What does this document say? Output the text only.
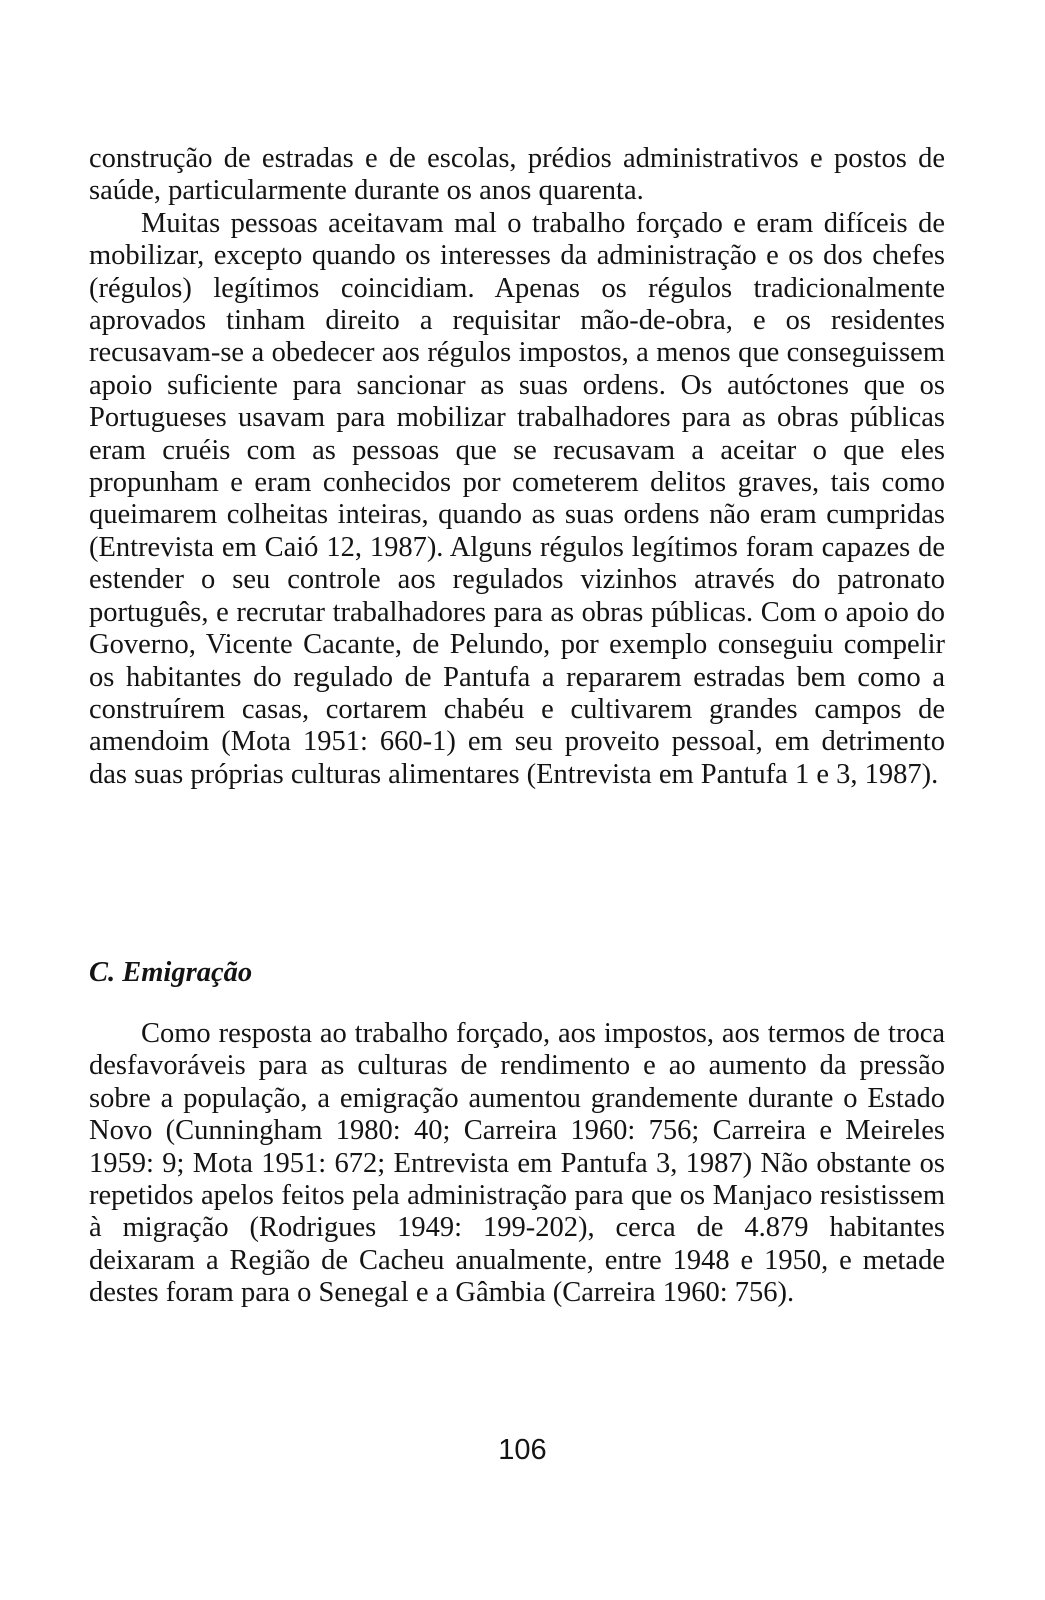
construção de estradas e de escolas, prédios administrativos e postos de saúde, particularmente durante os anos quarenta.
Muitas pessoas aceitavam mal o trabalho forçado e eram difíceis de mobilizar, excepto quando os interesses da administração e os dos chefes (régulos) legítimos coincidiam. Apenas os régulos tradicionalmente aprovados tinham direito a requisitar mão-de-obra, e os residentes recusavam-se a obedecer aos régulos impostos, a menos que conseguissem apoio suficiente para sancionar as suas ordens. Os autóctones que os Portugueses usavam para mobilizar trabalhadores para as obras públicas eram cruéis com as pessoas que se recusavam a aceitar o que eles propunham e eram conhecidos por cometerem delitos graves, tais como queimarem colheitas inteiras, quando as suas ordens não eram cumpridas (Entrevista em Caió 12, 1987). Alguns régulos legítimos foram capazes de estender o seu controle aos regulados vizinhos através do patronato português, e recrutar trabalhadores para as obras públicas. Com o apoio do Governo, Vicente Cacante, de Pelundo, por exemplo conseguiu compelir os habitantes do regulado de Pantufa a repararem estradas bem como a construírem casas, cortarem chabéu e cultivarem grandes campos de amendoim (Mota 1951: 660-1) em seu proveito pessoal, em detrimento das suas próprias culturas alimentares (Entrevista em Pantufa 1 e 3, 1987).

C. Emigração

Como resposta ao trabalho forçado, aos impostos, aos termos de troca desfavoráveis para as culturas de rendimento e ao aumento da pressão sobre a população, a emigração aumentou grandemente durante o Estado Novo (Cunningham 1980: 40; Carreira 1960: 756; Carreira e Meireles 1959: 9; Mota 1951: 672; Entrevista em Pantufa 3, 1987) Não obstante os repetidos apelos feitos pela administração para que os Manjaco resistissem à migração (Rodrigues 1949: 199-202), cerca de 4.879 habitantes deixaram a Região de Cacheu anualmente, entre 1948 e 1950, e metade destes foram para o Senegal e a Gâmbia (Carreira 1960: 756).

106
